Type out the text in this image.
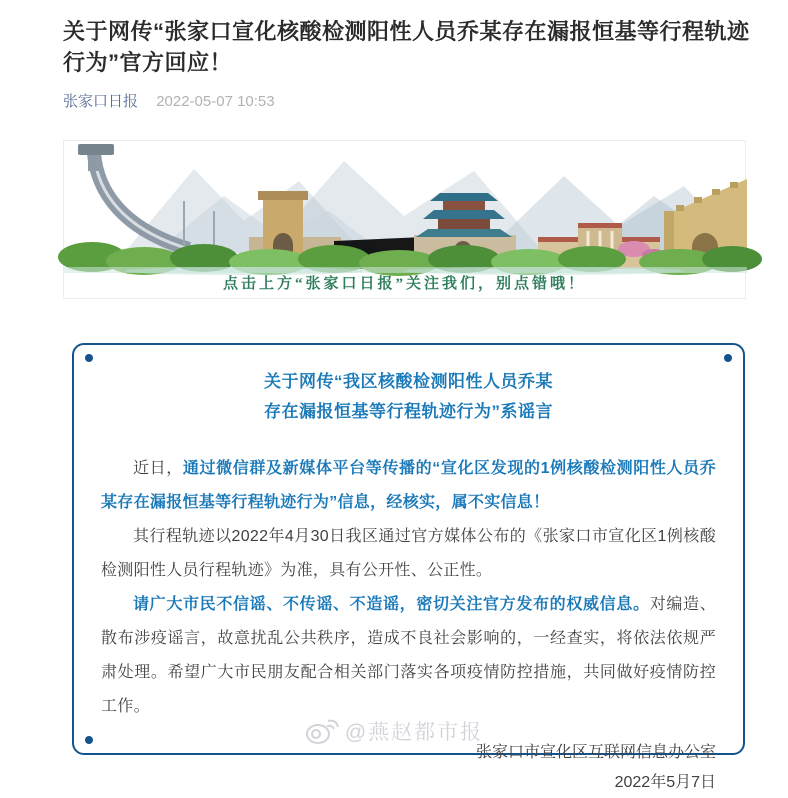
关于网传“张家口宣化核酸检测阳性人员乔某存在漏报恒基等行程轨迹行为”官方回应！
张家口日报 2022-05-07 10:53
点击上方“张家口日报”关注我们，别点错哦！
关于网传“我区核酸检测阳性人员乔某
存在漏报恒基等行程轨迹行为”系谣言

近日，通过微信群及新媒体平台等传播的“宣化区发现的1例核酸检测阳性人员乔某存在漏报恒基等行程轨迹行为”信息，经核实，属不实信息！

其行程轨迹以2022年4月30日我区通过官方媒体公布的《张家口市宣化区1例核酸检测阳性人员行程轨迹》为准，具有公开性、公正性。

请广大市民不信谣、不传谣、不造谣，密切关注官方发布的权威信息。对编造、散布涉疫谣言，故意扰乱公共秩序，造成不良社会影响的，一经查实，将依法依规严肃处理。希望广大市民朋友配合相关部门落实各项疫情防控措施，共同做好疫情防控工作。

张家口市宣化区互联网信息办公室
2022年5月7日
@燕赵都市报
